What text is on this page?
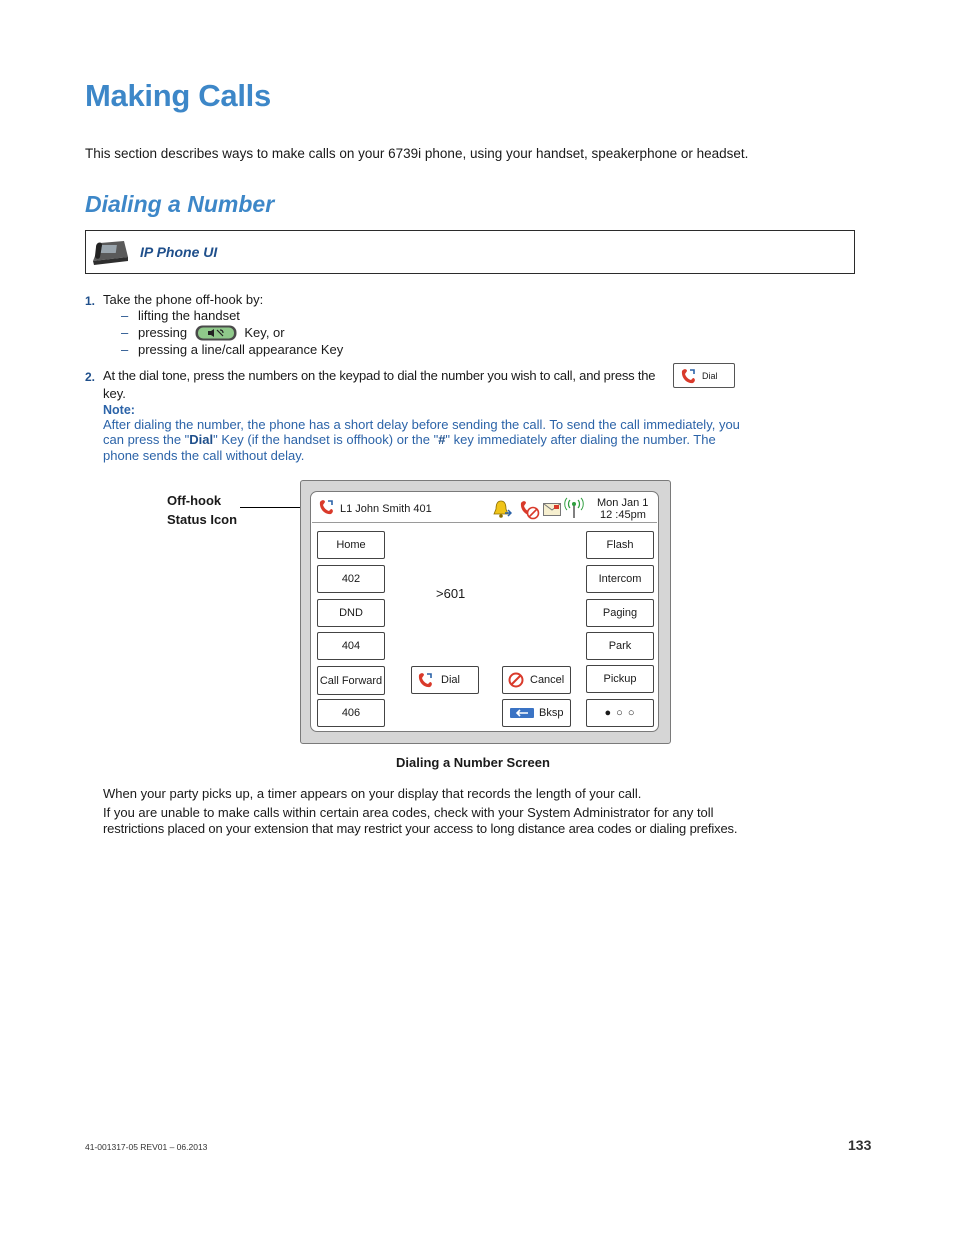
Making Calls
This section describes ways to make calls on your 6739i phone, using your handset, speakerphone or headset.
Dialing a Number
IP Phone UI
1. Take the phone off-hook by:
– lifting the handset
– pressing	Key, or
– pressing a line/call appearance Key
2. At the dial tone, press the numbers on the keypad to dial the number you wish to call, and press the	Dial
key.
Note:
After dialing the number, the phone has a short delay before sending the call. To send the call immediately, you
can press the "Dial" Key (if the handset is offhook) or the "#" key immediately after dialing the number. The
phone sends the call without delay.
Off-hook
Status Icon
L1 John Smith 401	Mon Jan 1
12 :45pm
Home
402
DND
404
Call Forward
406
Flash
Intercom
Paging
Park
Pickup
● ○ ○
>601
Dial	Cancel
Bksp
Dialing a Number Screen
When your party picks up, a timer appears on your display that records the length of your call.
If you are unable to make calls within certain area codes, check with your System Administrator for any toll
restrictions placed on your extension that may restrict your access to long distance area codes or dialing prefixes.
41-001317-05 REV01 – 06.2013	133
